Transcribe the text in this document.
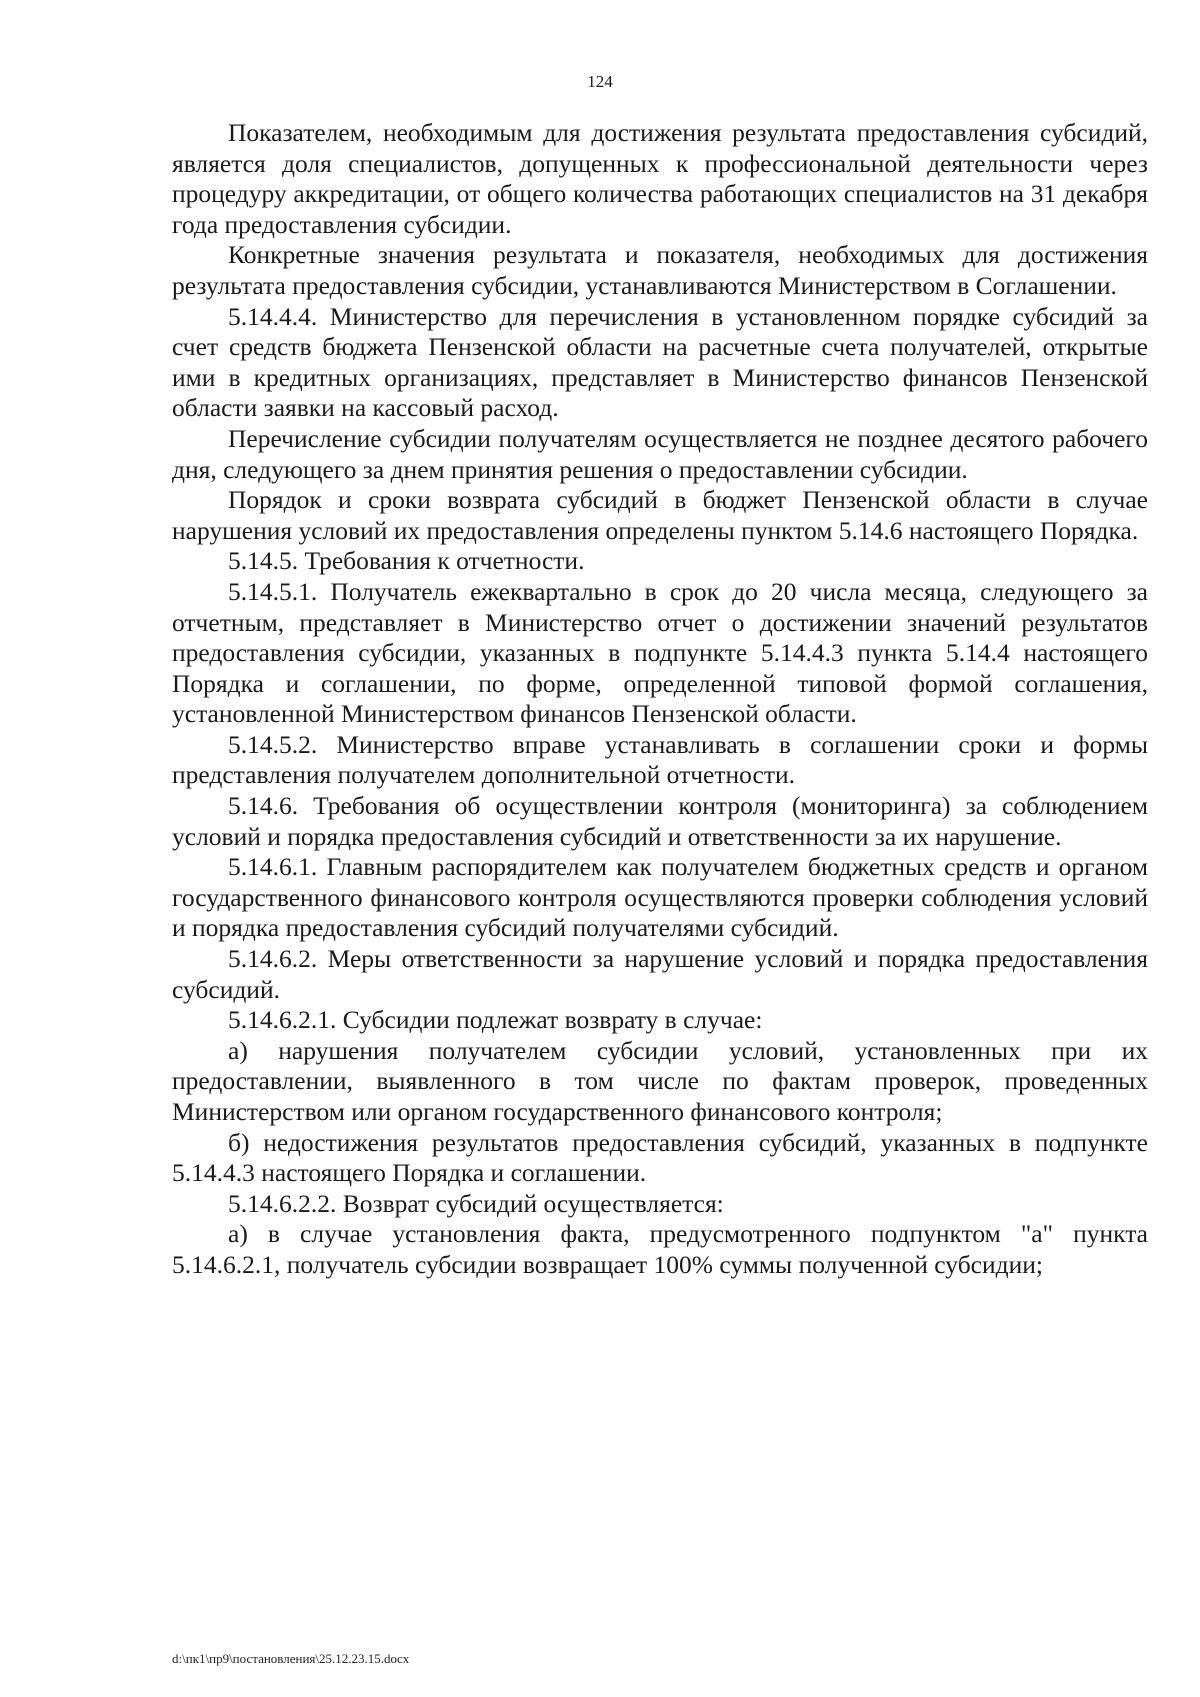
124

Показателем, необходимым для достижения результата предоставления субсидий, является доля специалистов, допущенных к профессиональной деятельности через процедуру аккредитации, от общего количества работающих специалистов на 31 декабря года предоставления субсидии.

Конкретные значения результата и показателя, необходимых для достижения результата предоставления субсидии, устанавливаются Министерством в Соглашении.

5.14.4.4. Министерство для перечисления в установленном порядке субсидий за счет средств бюджета Пензенской области на расчетные счета получателей, открытые ими в кредитных организациях, представляет в Министерство финансов Пензенской области заявки на кассовый расход.

Перечисление субсидии получателям осуществляется не позднее десятого рабочего дня, следующего за днем принятия решения о предоставлении субсидии.

Порядок и сроки возврата субсидий в бюджет Пензенской области в случае нарушения условий их предоставления определены пунктом 5.14.6 настоящего Порядка.

5.14.5. Требования к отчетности.

5.14.5.1. Получатель ежеквартально в срок до 20 числа месяца, следующего за отчетным, представляет в Министерство отчет о достижении значений результатов предоставления субсидии, указанных в подпункте 5.14.4.3 пункта 5.14.4 настоящего Порядка и соглашении, по форме, определенной типовой формой соглашения, установленной Министерством финансов Пензенской области.

5.14.5.2. Министерство вправе устанавливать в соглашении сроки и формы представления получателем дополнительной отчетности.

5.14.6. Требования об осуществлении контроля (мониторинга) за соблюдением условий и порядка предоставления субсидий и ответственности за их нарушение.

5.14.6.1. Главным распорядителем как получателем бюджетных средств и органом государственного финансового контроля осуществляются проверки соблюдения условий и порядка предоставления субсидий получателями субсидий.

5.14.6.2. Меры ответственности за нарушение условий и порядка предоставления субсидий.

5.14.6.2.1. Субсидии подлежат возврату в случае:

а) нарушения получателем субсидии условий, установленных при их предоставлении, выявленного в том числе по фактам проверок, проведенных Министерством или органом государственного финансового контроля;

б) недостижения результатов предоставления субсидий, указанных в подпункте 5.14.4.3 настоящего Порядка и соглашении.

5.14.6.2.2. Возврат субсидий осуществляется:

а) в случае установления факта, предусмотренного подпунктом "а" пункта 5.14.6.2.1, получатель субсидии возвращает 100% суммы полученной субсидии;

d:\пк1\пр9\постановления\25.12.23.15.docx
